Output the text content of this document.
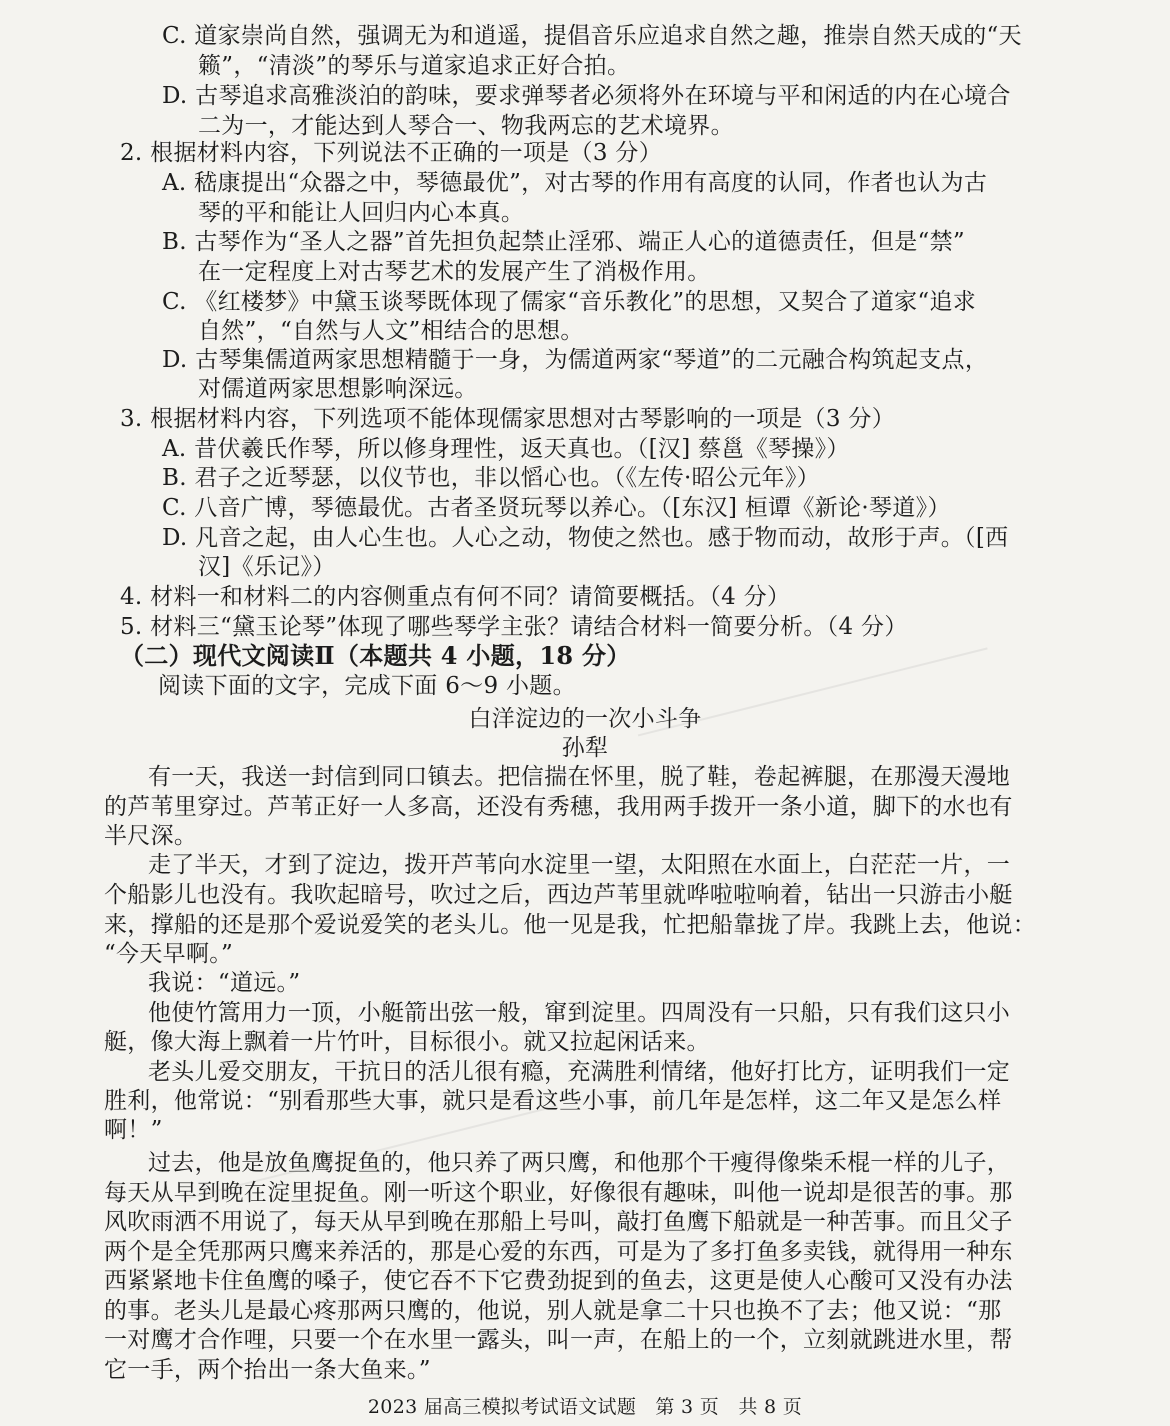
C. 道家崇尚自然，强调无为和逍遥，提倡音乐应追求自然之趣，推崇自然天成的“天
籁”，“清淡”的琴乐与道家追求正好合拍。
D. 古琴追求高雅淡泊的韵味，要求弹琴者必须将外在环境与平和闲适的内在心境合
二为一，才能达到人琴合一、物我两忘的艺术境界。
2. 根据材料内容，下列说法不正确的一项是（3 分）
A. 嵇康提出“众器之中，琴德最优”，对古琴的作用有高度的认同，作者也认为古
琴的平和能让人回归内心本真。
B. 古琴作为“圣人之器”首先担负起禁止淫邪、端正人心的道德责任，但是“禁”
在一定程度上对古琴艺术的发展产生了消极作用。
C. 《红楼梦》中黛玉谈琴既体现了儒家“音乐教化”的思想，又契合了道家“追求
自然”，“自然与人文”相结合的思想。
D. 古琴集儒道两家思想精髓于一身，为儒道两家“琴道”的二元融合构筑起支点，
对儒道两家思想影响深远。
3. 根据材料内容，下列选项不能体现儒家思想对古琴影响的一项是（3 分）
A. 昔伏羲氏作琴，所以修身理性，返天真也。（[汉] 蔡邕《琴操》）
B. 君子之近琴瑟，以仪节也，非以慆心也。（《左传·昭公元年》）
C. 八音广博，琴德最优。古者圣贤玩琴以养心。（[东汉] 桓谭《新论·琴道》）
D. 凡音之起，由人心生也。人心之动，物使之然也。感于物而动，故形于声。（[西
汉]《乐记》）
4. 材料一和材料二的内容侧重点有何不同？请简要概括。（4 分）
5. 材料三“黛玉论琴”体现了哪些琴学主张？请结合材料一简要分析。（4 分）
（二）现代文阅读Ⅱ（本题共 4 小题，18 分）
阅读下面的文字，完成下面 6～9 小题。
白洋淀边的一次小斗争
孙犁
有一天，我送一封信到同口镇去。把信揣在怀里，脱了鞋，卷起裤腿，在那漫天漫地
的芦苇里穿过。芦苇正好一人多高，还没有秀穗，我用两手拨开一条小道，脚下的水也有
半尺深。
走了半天，才到了淀边，拨开芦苇向水淀里一望，太阳照在水面上，白茫茫一片，一
个船影儿也没有。我吹起暗号，吹过之后，西边芦苇里就哗啦啦响着，钻出一只游击小艇
来，撑船的还是那个爱说爱笑的老头儿。他一见是我，忙把船靠拢了岸。我跳上去，他说：
“今天早啊。”
我说：“道远。”
他使竹篙用力一顶，小艇箭出弦一般，窜到淀里。四周没有一只船，只有我们这只小
艇，像大海上飘着一片竹叶，目标很小。就又拉起闲话来。
老头儿爱交朋友，干抗日的活儿很有瘾，充满胜利情绪，他好打比方，证明我们一定
胜利，他常说：“别看那些大事，就只是看这些小事，前几年是怎样，这二年又是怎么样
啊！”
过去，他是放鱼鹰捉鱼的，他只养了两只鹰，和他那个干瘦得像柴禾棍一样的儿子，
每天从早到晚在淀里捉鱼。刚一听这个职业，好像很有趣味，叫他一说却是很苦的事。那
风吹雨洒不用说了，每天从早到晚在那船上号叫，敲打鱼鹰下船就是一种苦事。而且父子
两个是全凭那两只鹰来养活的，那是心爱的东西，可是为了多打鱼多卖钱，就得用一种东
西紧紧地卡住鱼鹰的嗓子，使它吞不下它费劲捉到的鱼去，这更是使人心酸可又没有办法
的事。老头儿是最心疼那两只鹰的，他说，别人就是拿二十只也换不了去；他又说：“那
一对鹰才合作哩，只要一个在水里一露头，叫一声，在船上的一个，立刻就跳进水里，帮
它一手，两个抬出一条大鱼来。”
2023 届高三模拟考试语文试题　第 3 页　共 8 页
